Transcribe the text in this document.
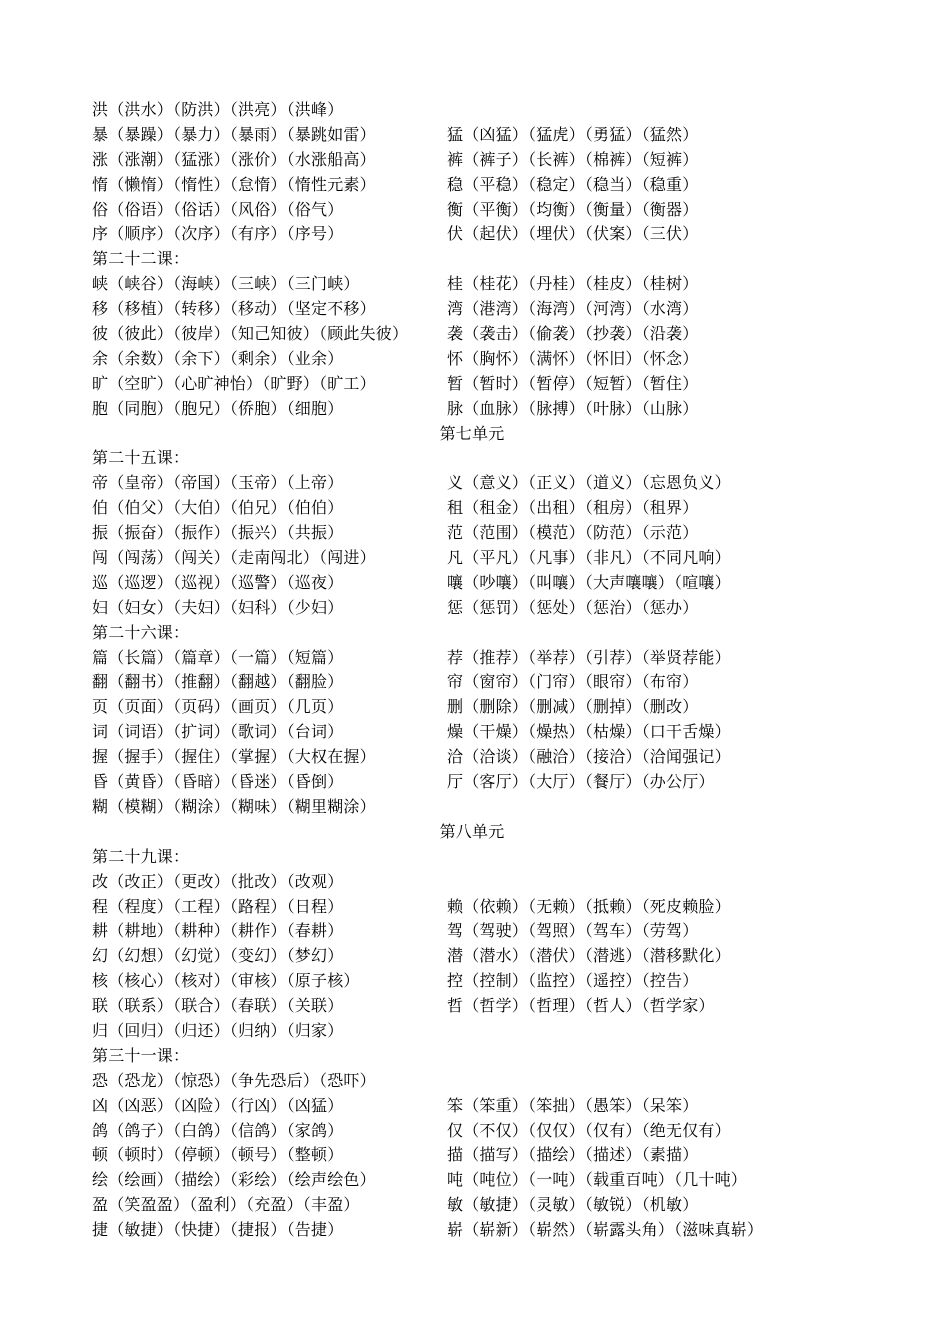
洪（洪水）（防洪）（洪亮）（洪峰）
暴（暴躁）（暴力）（暴雨）（暴跳如雷）	猛（凶猛）（猛虎）（勇猛）（猛然）
涨（涨潮）（猛涨）（涨价）（水涨船高）	裤（裤子）（长裤）（棉裤）（短裤）
惰（懒惰）（惰性）（怠惰）（惰性元素）	稳（平稳）（稳定）（稳当）（稳重）
俗（俗语）（俗话）（风俗）（俗气）	衡（平衡）（均衡）（衡量）（衡器）
序（顺序）（次序）（有序）（序号）	伏（起伏）（埋伏）（伏案）（三伏）
第二十二课：
峡（峡谷）（海峡）（三峡）（三门峡）	桂（桂花）（丹桂）（桂皮）（桂树）
移（移植）（转移）（移动）（坚定不移）	湾（港湾）（海湾）（河湾）（水湾）
彼（彼此）（彼岸）（知己知彼）（顾此失彼） 袭（袭击）（偷袭）（抄袭）（沿袭）
余（余数）（余下）（剩余）（业余）	怀（胸怀）（满怀）（怀旧）（怀念）
旷（空旷）（心旷神怡）（旷野）（旷工）	暂（暂时）（暂停）（短暂）（暂住）
胞（同胞）（胞兄）（侨胞）（细胞）	脉（血脉）（脉搏）（叶脉）（山脉）
第七单元
第二十五课：
帝（皇帝）（帝国）（玉帝）（上帝）	义（意义）（正义）（道义）（忘恩负义）
伯（伯父）（大伯）（伯兄）（伯伯）	租（租金）（出租）（租房）（租界）
振（振奋）（振作）（振兴）（共振）	范（范围）（模范）（防范）（示范）
闯（闯荡）（闯关）（走南闯北）（闯进）	凡（平凡）（凡事）（非凡）（不同凡响）
巡（巡逻）（巡视）（巡警）（巡夜）	嚷（吵嚷）（叫嚷）（大声嚷嚷）（喧嚷）
妇（妇女）（夫妇）（妇科）（少妇）	惩（惩罚）（惩处）（惩治）（惩办）
第二十六课：
篇（长篇）（篇章）（一篇）（短篇）	荐（推荐）（举荐）（引荐）（举贤荐能）
翻（翻书）（推翻）（翻越）（翻脸）	帘（窗帘）（门帘）（眼帘）（布帘）
页（页面）（页码）（画页）（几页）	删（删除）（删减）（删掉）（删改）
词（词语）（扩词）（歌词）（台词）	燥（干燥）（燥热）（枯燥）（口干舌燥）
握（握手）（握住）（掌握）（大权在握）	洽（洽谈）（融洽）（接洽）（洽闻强记）
昏（黄昏）（昏暗）（昏迷）（昏倒）	厅（客厅）（大厅）（餐厅）（办公厅）
糊（模糊）（糊涂）（糊味）（糊里糊涂）
第八单元
第二十九课：
改（改正）（更改）（批改）（改观）
程（程度）（工程）（路程）（日程）	赖（依赖）（无赖）（抵赖）（死皮赖脸）
耕（耕地）（耕种）（耕作）（春耕）	驾（驾驶）（驾照）（驾车）（劳驾）
幻（幻想）（幻觉）（变幻）（梦幻）	潜（潜水）（潜伏）（潜逃）（潜移默化）
核（核心）（核对）（审核）（原子核）	控（控制）（监控）（遥控）（控告）
联（联系）（联合）（春联）（关联）	哲（哲学）（哲理）（哲人）（哲学家）
归（回归）（归还）（归纳）（归家）
第三十一课：
恐（恐龙）（惊恐）（争先恐后）（恐吓）
凶（凶恶）（凶险）（行凶）（凶猛）	笨（笨重）（笨拙）（愚笨）（呆笨）
鸽（鸽子）（白鸽）（信鸽）（家鸽）	仅（不仅）（仅仅）（仅有）（绝无仅有）
顿（顿时）（停顿）（顿号）（整顿）	描（描写）（描绘）（描述）（素描）
绘（绘画）（描绘）（彩绘）（绘声绘色）	吨（吨位）（一吨）（载重百吨）（几十吨）
盈（笑盈盈）（盈利）（充盈）（丰盈）	敏（敏捷）（灵敏）（敏锐）（机敏）
捷（敏捷）（快捷）（捷报）（告捷）	崭（崭新）（崭然）（崭露头角）（滋味真崭）
